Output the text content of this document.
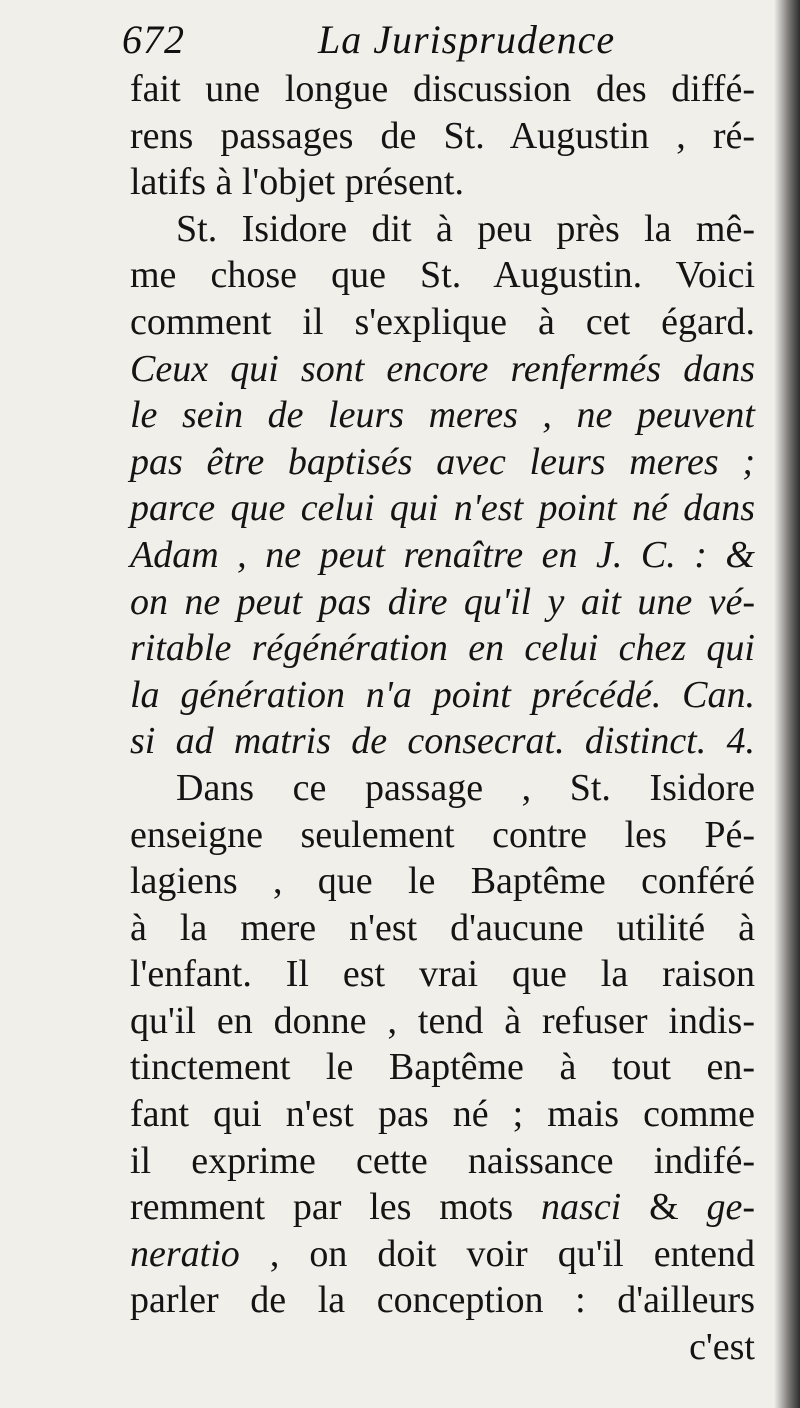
672	La Jurisprudence
fait une longue discussion des diffé-
rens passages de St. Augustin , ré-
latifs à l'objet présent.
St. Isidore dit à peu près la mê-
me chose que St. Augustin. Voici
comment il s'explique à cet égard.
Ceux qui sont encore renfermés dans
le sein de leurs meres , ne peuvent
pas être baptisés avec leurs meres ;
parce que celui qui n'est point né dans
Adam , ne peut renaître en J. C. : &
on ne peut pas dire qu'il y ait une vé-
ritable régénération en celui chez qui
la génération n'a point précédé. Can.
si ad matris de consecrat. distinct. 4.
Dans ce passage , St. Isidore
enseigne seulement contre les Pé-
lagiens , que le Baptême conféré
à la mere n'est d'aucune utilité à
l'enfant. Il est vrai que la raison
qu'il en donne , tend à refuser indis-
tinctement le Baptême à tout en-
fant qui n'est pas né ; mais comme
il exprime cette naissance indifé-
remment par les mots nasci & ge-
neratio , on doit voir qu'il entend
parler de la conception : d'ailleurs
c'est
